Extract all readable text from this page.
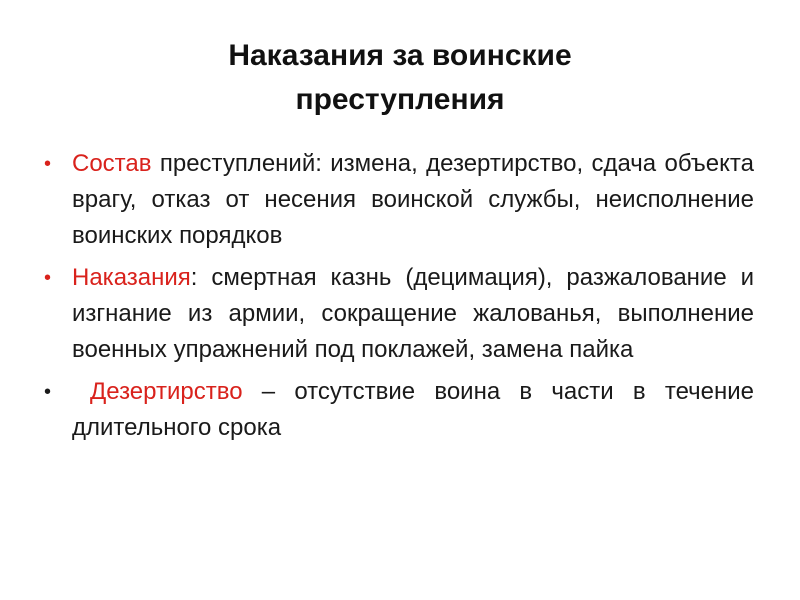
Наказания за воинские
преступления
• Состав преступлений: измена, дезертирство, сдача объекта врагу, отказ от несения воинской службы, неисполнение воинских порядков
• Наказания: смертная казнь (децимация), разжалование и изгнание из армии, сокращение жалованья, выполнение военных упражнений под поклажей, замена пайка
• Дезертирство – отсутствие воина в части в течение длительного срока
